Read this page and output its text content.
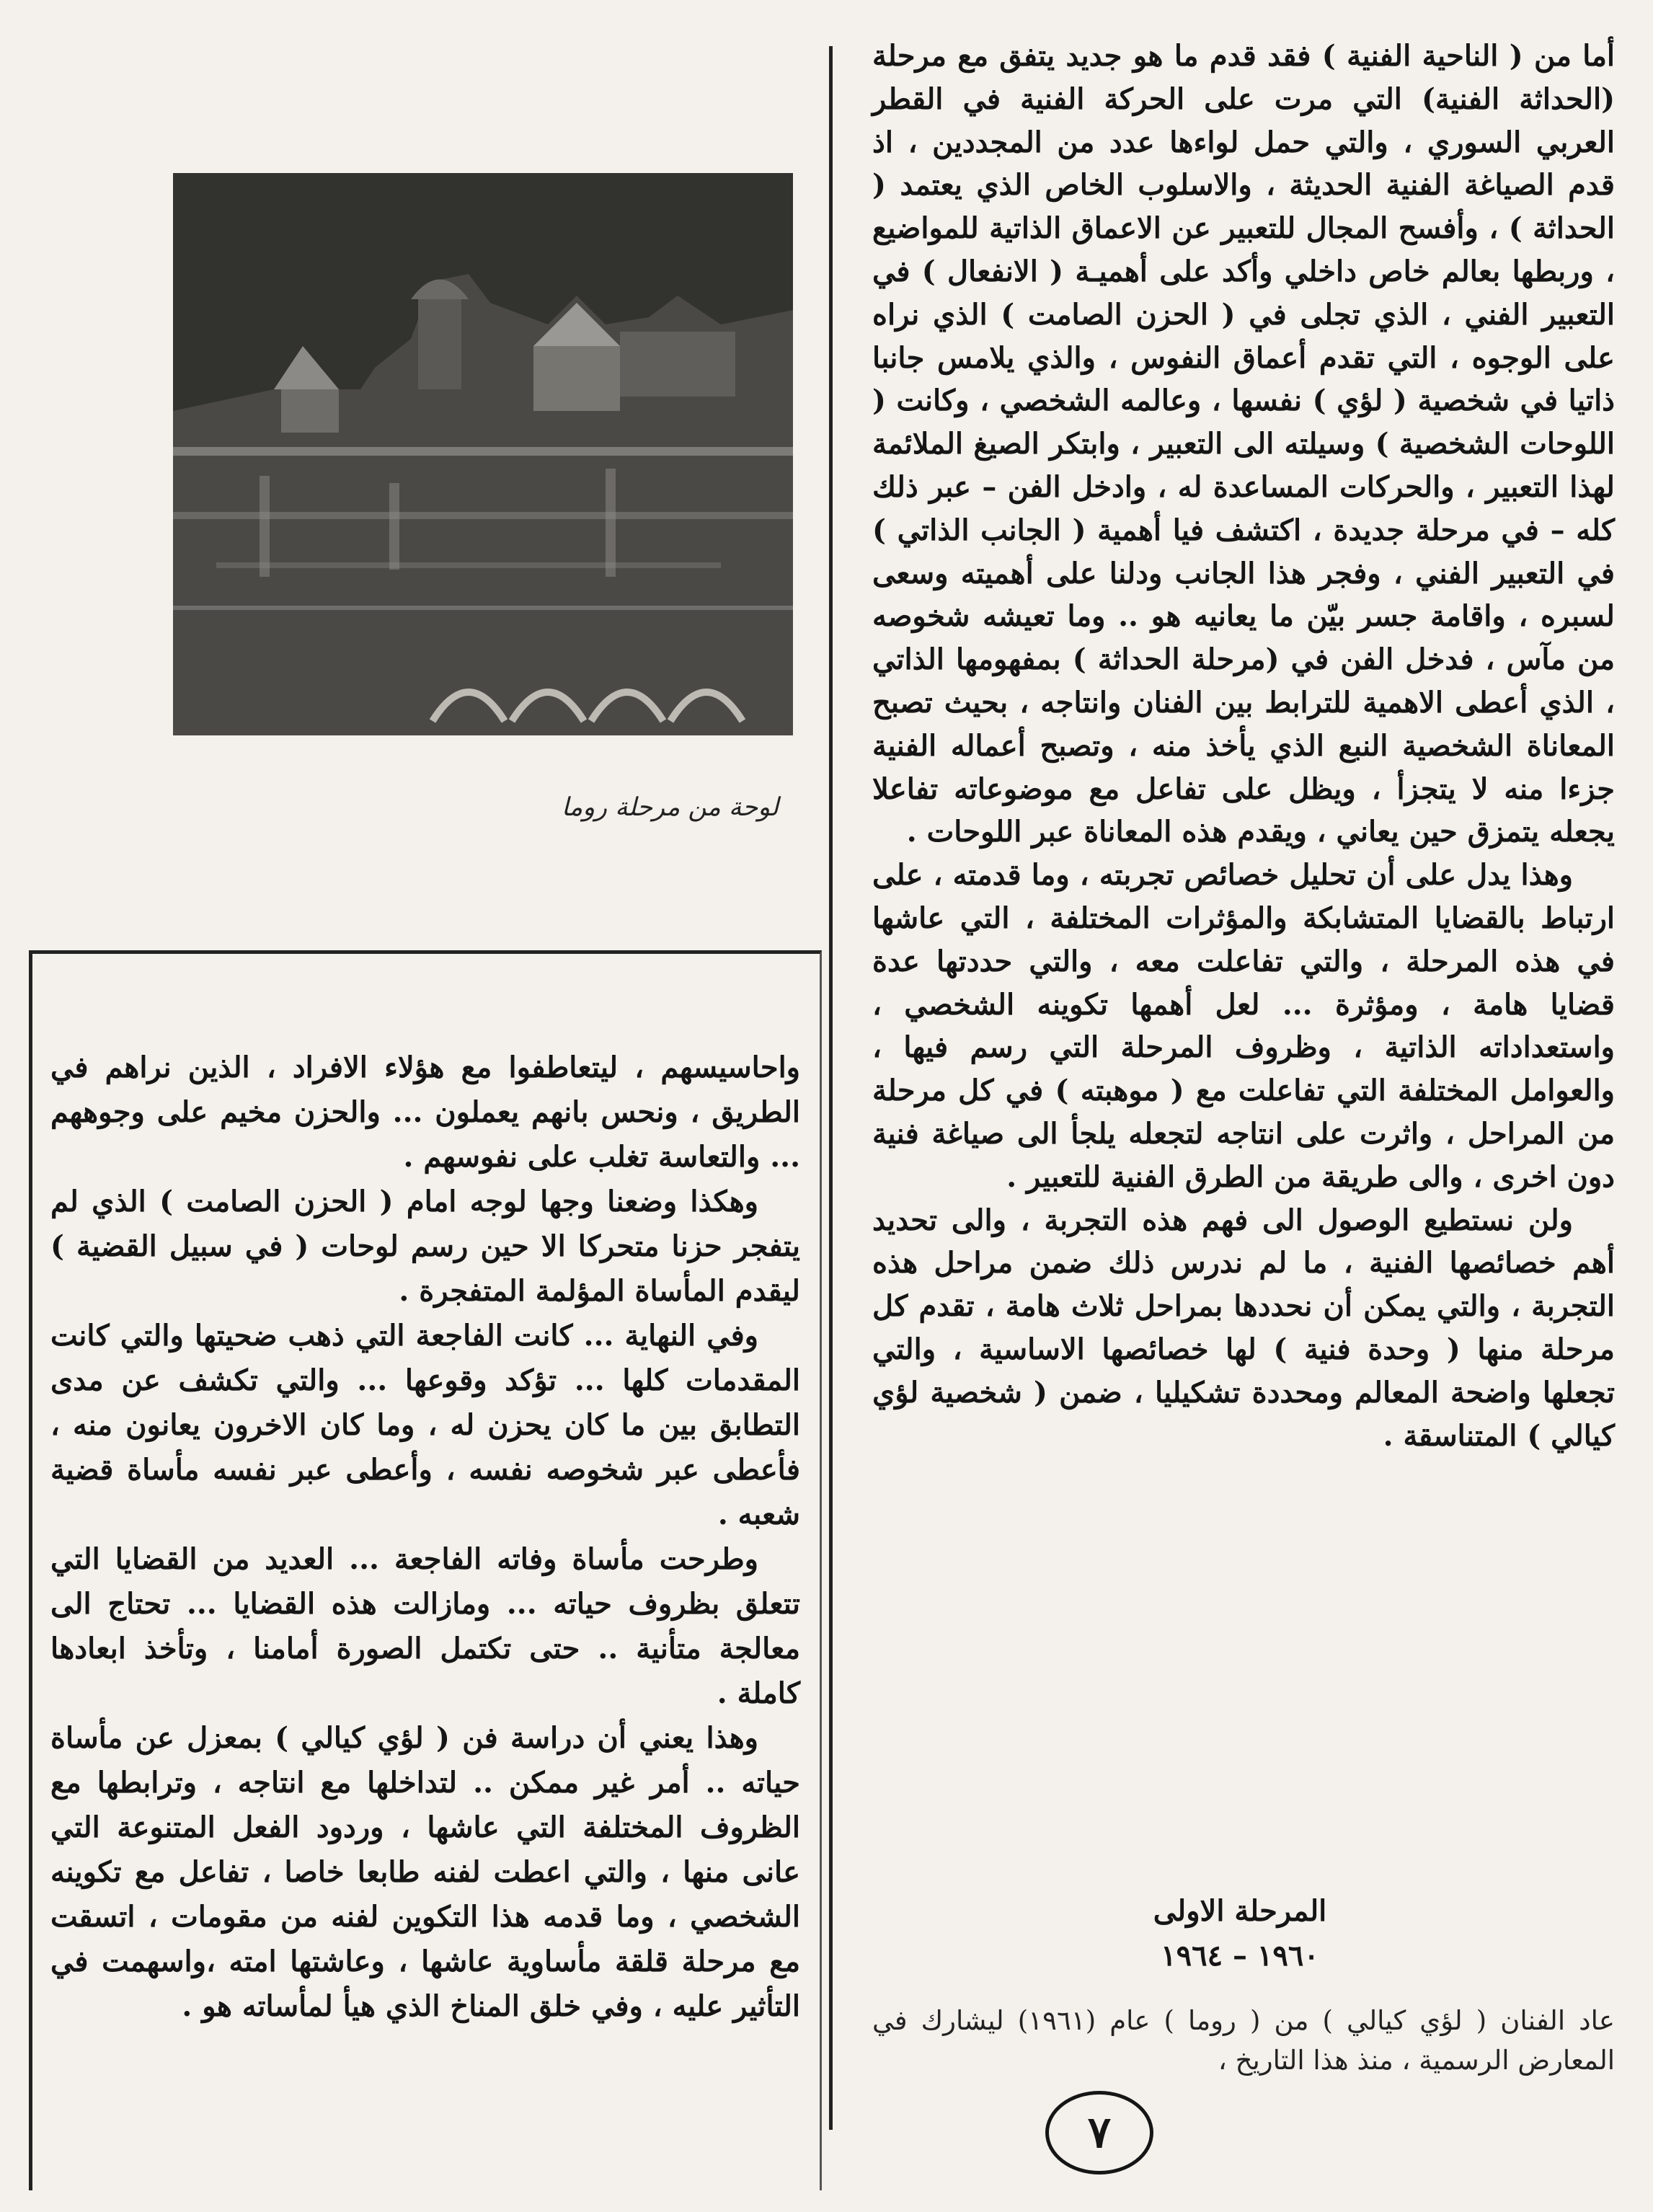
لوحة من مرحلة روما

أما من ( الناحية الفنية ) فقد قدم ما هو جديد يتفق مع مرحلة (الحداثة الفنية) التي مرت على الحركة الفنية في القطر العربي السوري ، والتي حمل لواءها عدد من المجددين ، اذ قدم الصياغة الفنية الحديثة ، والاسلوب الخاص الذي يعتمد ( الحداثة ) ، وأفسح المجال للتعبير عن الاعماق الذاتية للمواضيع ، وربطها بعالم خاص داخلي وأكد على أهميـة ( الانفعال ) في التعبير الفني ، الذي تجلى في ( الحزن الصامت ) الذي نراه على الوجوه ، التي تقدم أعماق النفوس ، والذي يلامس جانبا ذاتيا في شخصية ( لؤي ) نفسها ، وعالمه الشخصي ، وكانت ( اللوحات الشخصية ) وسيلته الى التعبير ، وابتكر الصيغ الملائمة لهذا التعبير ، والحركات المساعدة له ، وادخل الفن – عبر ذلك كله – في مرحلة جديدة ، اكتشف فيا أهمية ( الجانب الذاتي ) في التعبير الفني ، وفجر هذا الجانب ودلنا على أهميته وسعى لسبره ، واقامة جسر بيّن ما يعانيه هو .. وما تعيشه شخوصه من مآس ، فدخل الفن في (مرحلة الحداثة ) بمفهومها الذاتي ، الذي أعطى الاهمية للترابط بين الفنان وانتاجه ، بحيث تصبح المعاناة الشخصية النبع الذي يأخذ منه ، وتصبح أعماله الفنية جزءا منه لا يتجزأ ، ويظل على تفاعل مع موضوعاته تفاعلا يجعله يتمزق حين يعاني ، ويقدم هذه المعاناة عبر اللوحات .

وهذا يدل على أن تحليل خصائص تجربته ، وما قدمته ، على ارتباط بالقضايا المتشابكة والمؤثرات المختلفة ، التي عاشها في هذه المرحلة ، والتي تفاعلت معه ، والتي حددتها عدة قضايا هامة ، ومؤثرة ... لعل أهمها تكوينه الشخصي ، واستعداداته الذاتية ، وظروف المرحلة التي رسم فيها ، والعوامل المختلفة التي تفاعلت مع ( موهبته ) في كل مرحلة من المراحل ، واثرت على انتاجه لتجعله يلجأ الى صياغة فنية دون اخرى ، والى طريقة من الطرق الفنية للتعبير .

ولن نستطيع الوصول الى فهم هذه التجربة ، والى تحديد أهم خصائصها الفنية ، ما لم ندرس ذلك ضمن مراحل هذه التجربة ، والتي يمكن أن نحددها بمراحل ثلاث هامة ، تقدم كل مرحلة منها ( وحدة فنية ) لها خصائصها الاساسية ، والتي تجعلها واضحة المعالم ومحددة تشكيليا ، ضمن ( شخصية لؤي كيالي ) المتناسقة .

المرحلة الاولى
١٩٦٠ – ١٩٦٤
عاد الفنان ( لؤي كيالي ) من ( روما ) عام (١٩٦١) ليشارك في المعارض الرسمية ، منذ هذا التاريخ ،

واحاسيسهم ، ليتعاطفوا مع هؤلاء الافراد ، الذين نراهم في الطريق ، ونحس بانهم يعملون ... والحزن مخيم على وجوههم ... والتعاسة تغلب على نفوسهم .

وهكذا وضعنا وجها لوجه امام ( الحزن الصامت ) الذي لم يتفجر حزنا متحركا الا حين رسم لوحات ( في سبيل القضية ) ليقدم المأساة المؤلمة المتفجرة .

وفي النهاية ... كانت الفاجعة التي ذهب ضحيتها والتي كانت المقدمات كلها ... تؤكد وقوعها ... والتي تكشف عن مدى التطابق بين ما كان يحزن له ، وما كان الاخرون يعانون منه ، فأعطى عبر شخوصه نفسه ، وأعطى عبر نفسه مأساة قضية شعبه .

وطرحت مأساة وفاته الفاجعة ... العديد من القضايا التي تتعلق بظروف حياته ... ومازالت هذه القضايا ... تحتاج الى معالجة متأنية .. حتى تكتمل الصورة أمامنا ، وتأخذ ابعادها كاملة .

وهذا يعني أن دراسة فن ( لؤي كيالي ) بمعزل عن مأساة حياته .. أمر غير ممكن .. لتداخلها مع انتاجه ، وترابطها مع الظروف المختلفة التي عاشها ، وردود الفعل المتنوعة التي عانى منها ، والتي اعطت لفنه طابعا خاصا ، تفاعل مع تكوينه الشخصي ، وما قدمه هذا التكوين لفنه من مقومات ، اتسقت مع مرحلة قلقة مأساوية عاشها ، وعاشتها امته ،واسهمت في التأثير عليه ، وفي خلق المناخ الذي هيأ لمأساته هو .

٧
